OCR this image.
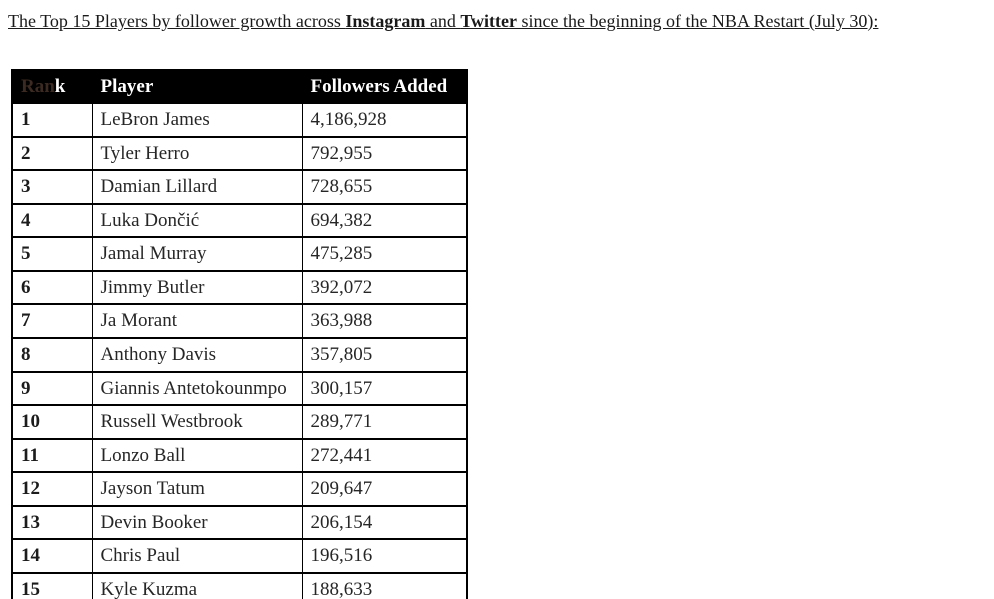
The Top 15 Players by follower growth across Instagram and Twitter since the beginning of the NBA Restart (July 30):

Rank	Player	Followers Added
1	LeBron James	4,186,928
2	Tyler Herro	792,955
3	Damian Lillard	728,655
4	Luka Dončić	694,382
5	Jamal Murray	475,285
6	Jimmy Butler	392,072
7	Ja Morant	363,988
8	Anthony Davis	357,805
9	Giannis Antetokounmpo	300,157
10	Russell Westbrook	289,771
11	Lonzo Ball	272,441
12	Jayson Tatum	209,647
13	Devin Booker	206,154
14	Chris Paul	196,516
15	Kyle Kuzma	188,633
